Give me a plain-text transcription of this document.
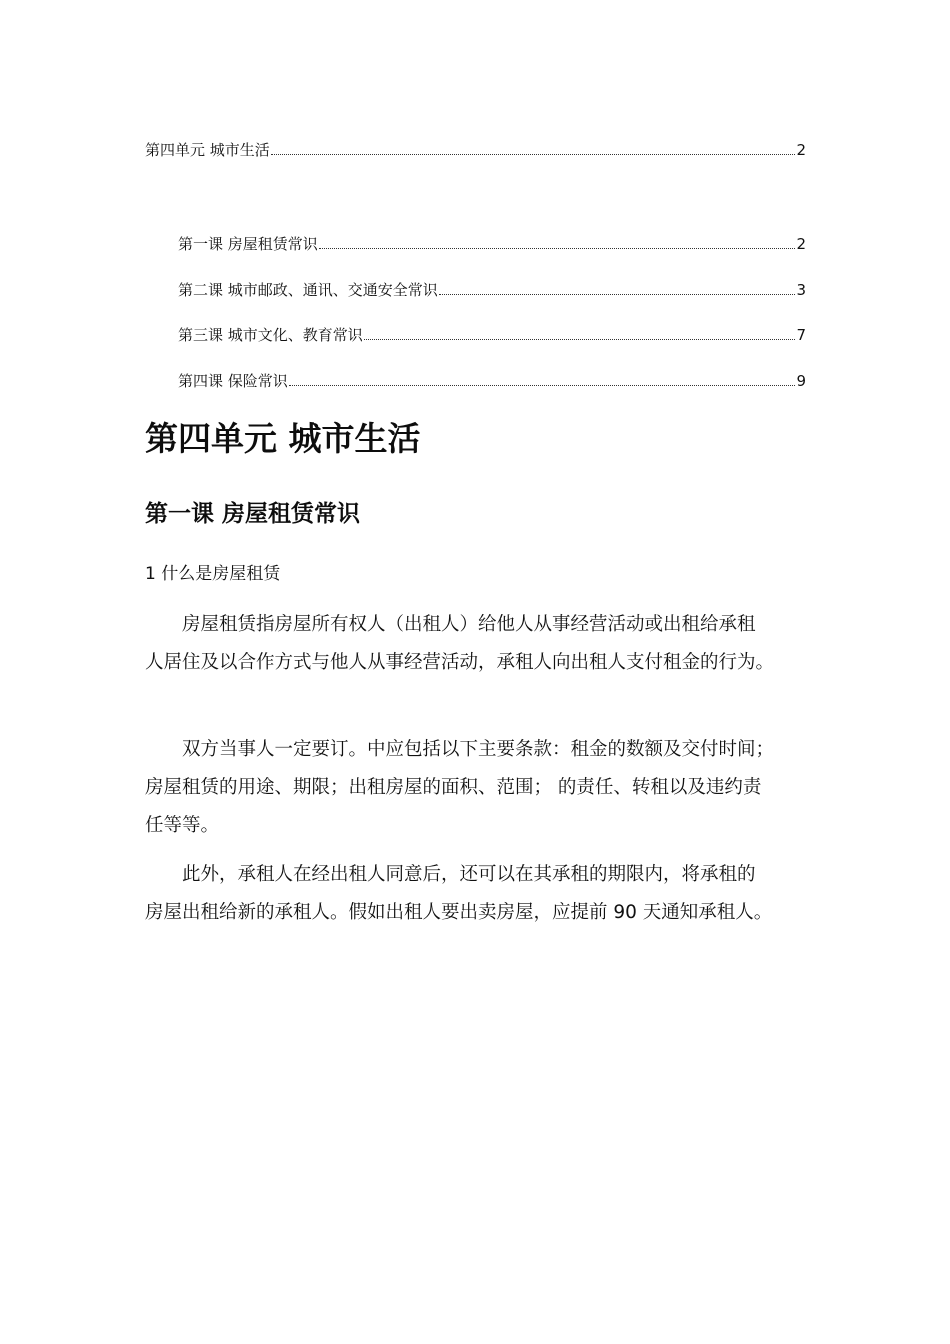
第四单元 城市生活	2
第一课 房屋租赁常识	2
第二课 城市邮政、通讯、交通安全常识	3
第三课 城市文化、教育常识	7
第四课 保险常识	9
第四单元 城市生活
第一课 房屋租赁常识
1 什么是房屋租赁

房屋租赁指房屋所有权人（出租人）给他人从事经营活动或出租给承租
人居住及以合作方式与他人从事经营活动，承租人向出租人支付租金的行为。

双方当事人一定要订。中应包括以下主要条款：租金的数额及交付时间；
房屋租赁的用途、期限；出租房屋的面积、范围； 的责任、转租以及违约责
任等等。

此外，承租人在经出租人同意后，还可以在其承租的期限内，将承租的
房屋出租给新的承租人。假如出租人要出卖房屋，应提前 90 天通知承租人。
